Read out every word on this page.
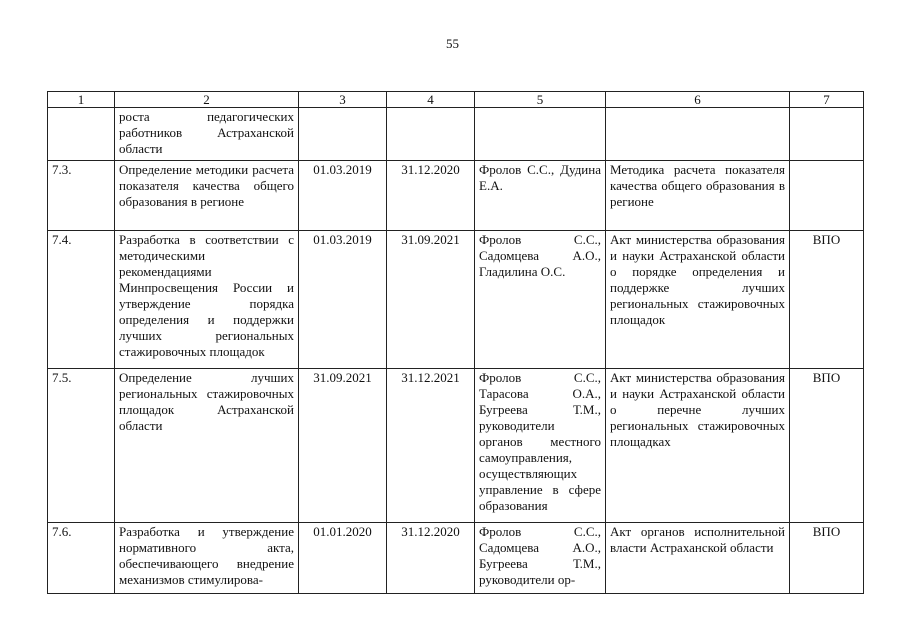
55
1	2	3	4	5	6	7
	роста педагогических работников Астраханской области					
7.3.	Определение методики расчета показателя качества общего образования в регионе	01.03.2019	31.12.2020	Фролов С.С., Дудина Е.А.	Методика расчета показателя качества общего образования в регионе	
7.4.	Разработка в соответствии с методическими рекомендациями Минпросвещения России и утверждение порядка определения и поддержки лучших региональных стажировочных площадок	01.03.2019	31.09.2021	Фролов С.С., Садомцева А.О., Гладилина О.С.	Акт министерства образования и науки Астраханской области о порядке определения и поддержке лучших региональных стажировочных площадок	ВПО
7.5.	Определение лучших региональных стажировочных площадок Астраханской области	31.09.2021	31.12.2021	Фролов С.С., Тарасова О.А., Бугреева Т.М., руководители органов местного самоуправления, осуществляющих управление в сфере образования	Акт министерства образования и науки Астраханской области о перечне лучших региональных стажировочных площадках	ВПО
7.6.	Разработка и утверждение нормативного акта, обеспечивающего внедрение механизмов стимулирова-	01.01.2020	31.12.2020	Фролов С.С., Садомцева А.О., Бугреева Т.М., руководители ор-	Акт органов исполнительной власти Астраханской области	ВПО
